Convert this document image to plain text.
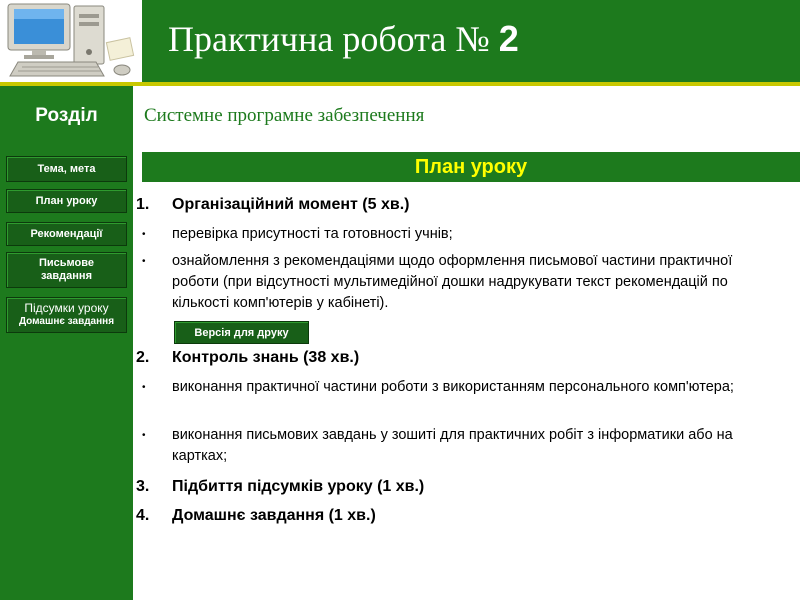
Практична робота № 2
Розділ	Системне програмне забезпечення
Тема, мета
План уроку
Рекомендації
Письмове завдання
Підсумки уроку
Домашнє завдання
План уроку
1. Організаційний момент (5 хв.)
• перевірка присутності та готовності учнів;
• ознайомлення з рекомендаціями щодо оформлення письмової частини практичної роботи (при відсутності мультимедійної дошки надрукувати текст рекомендацій по кількості комп'ютерів у кабінеті).
2. Контроль знань (38 хв.)
• виконання практичної частини роботи з використанням персонального комп'ютера;
• виконання письмових завдань у зошиті для практичних робіт з інформатики або на картках;
3. Підбиття підсумків уроку (1 хв.)
4. Домашнє завдання (1 хв.)
Версія для друку
